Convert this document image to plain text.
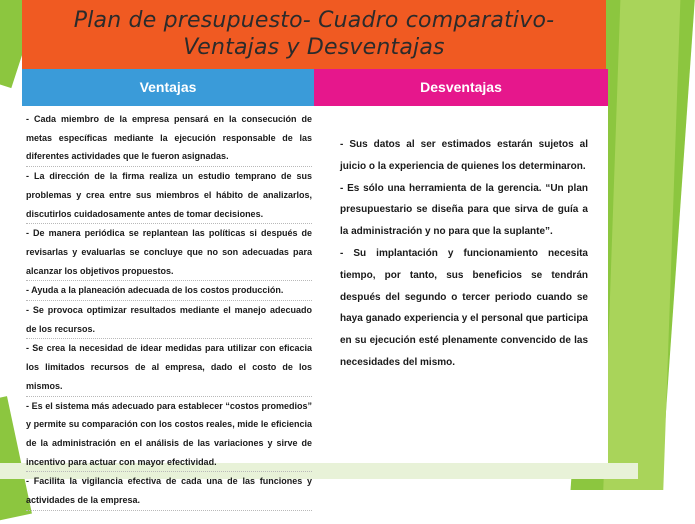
Plan de presupuesto- Cuadro comparativo-
Ventajas y Desventajas
Ventajas	Desventajas

- Cada miembro de la empresa pensará en la consecución de metas específicas mediante la ejecución responsable de las diferentes actividades que le fueron asignadas.

- La dirección de la firma realiza un estudio temprano de sus problemas y crea entre sus miembros el hábito de analizarlos, discutirlos cuidadosamente antes de tomar decisiones.

- De manera periódica se replantean las políticas si después de revisarlas y evaluarlas se concluye que no son adecuadas para alcanzar los objetivos propuestos.

- Ayuda a la planeación adecuada de los costos producción.

- Se provoca optimizar resultados mediante el manejo adecuado de los recursos.

- Se crea la necesidad de idear medidas para utilizar con eficacia los limitados recursos de al empresa, dado el costo de los mismos.

- Es el sistema más adecuado para establecer “costos promedios” y permite su comparación con los costos reales, mide le eficiencia de la administración en el análisis de las variaciones y sirve de incentivo para actuar con mayor efectividad.

- Facilita la vigilancia efectiva de cada una de las funciones y actividades de la empresa.

- Sus datos al ser estimados estarán sujetos al juicio o la experiencia de quienes los determinaron.

- Es sólo una herramienta de la gerencia. “Un plan presupuestario se diseña para que sirva de guía a la administración y no para que la suplante”.

- Su implantación y funcionamiento necesita tiempo, por tanto, sus beneficios se tendrán después del segundo o tercer periodo cuando se haya ganado experiencia y el personal que participa en su ejecución esté plenamente convencido de las necesidades del mismo.
